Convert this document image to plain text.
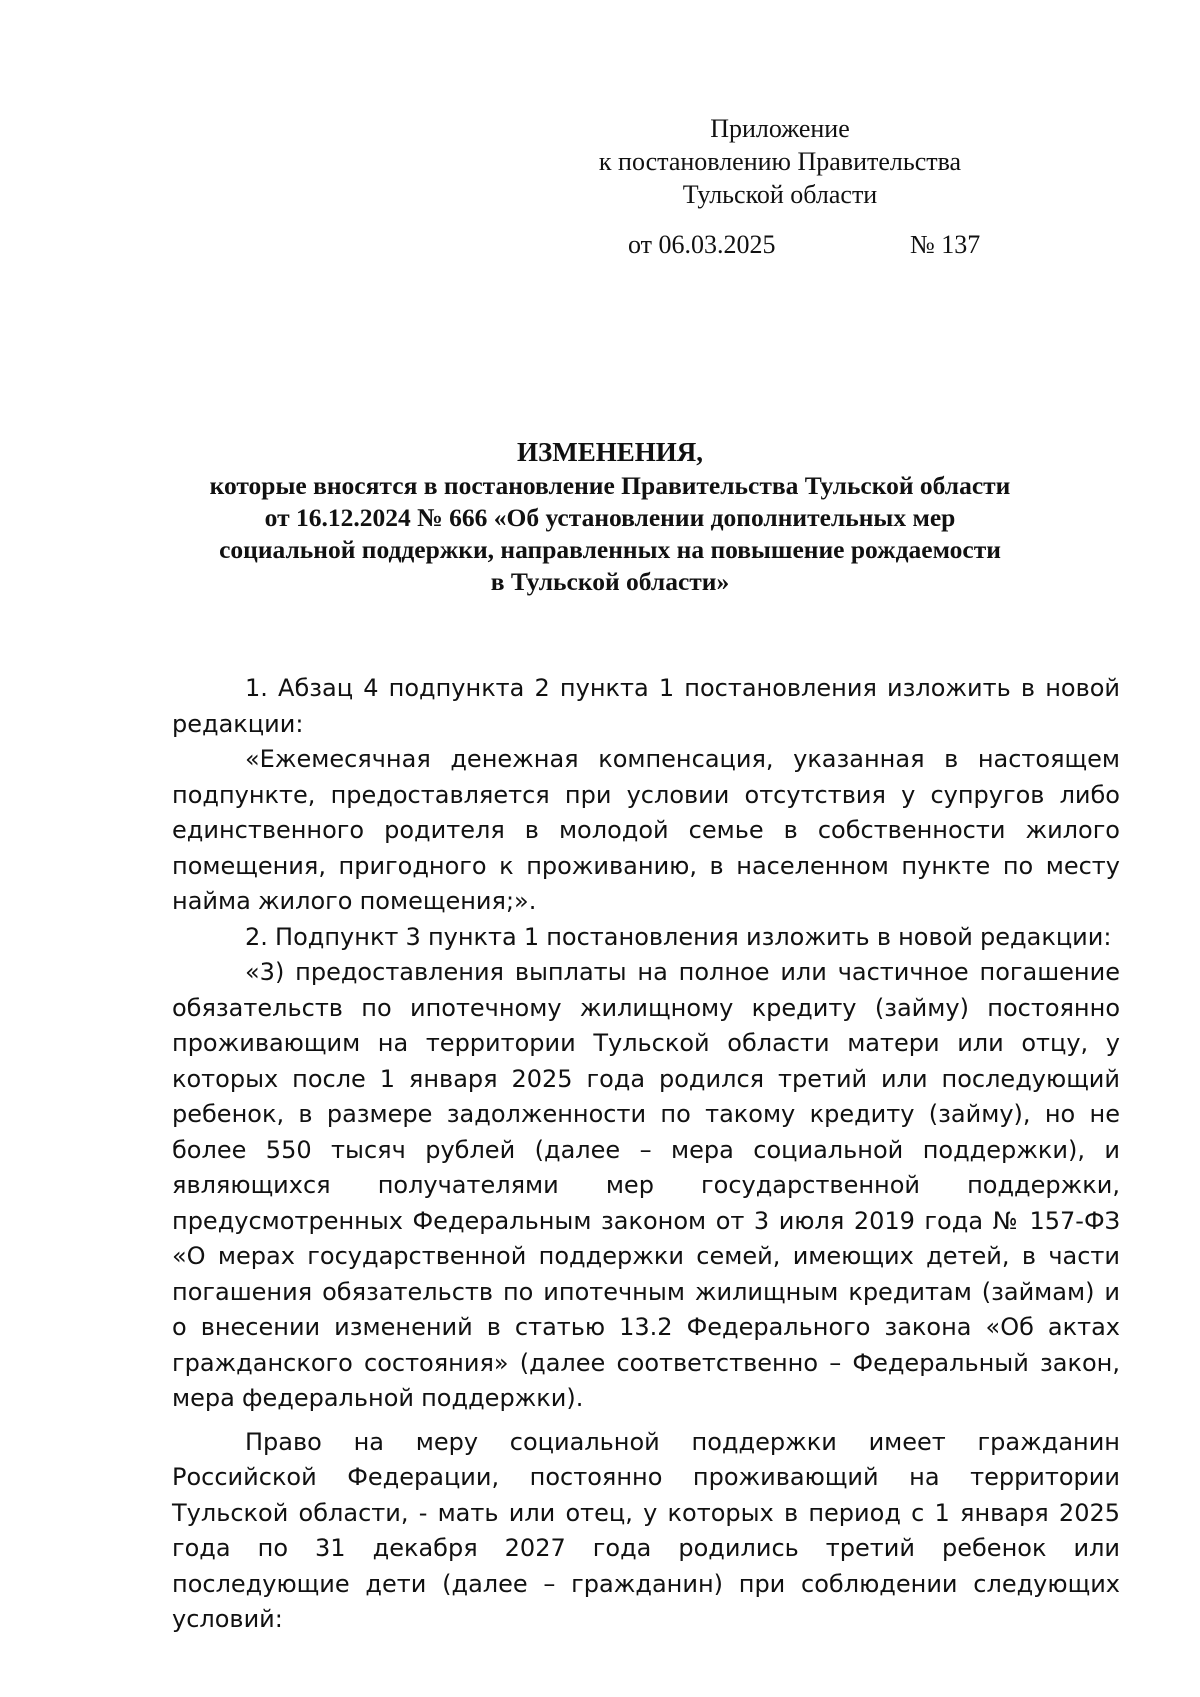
Приложение
к постановлению Правительства
Тульской области
от 06.03.2025	№ 137
ИЗМЕНЕНИЯ,
которые вносятся в постановление Правительства Тульской области
от 16.12.2024 № 666 «Об установлении дополнительных мер
социальной поддержки, направленных на повышение рождаемости
в Тульской области»

1. Абзац 4 подпункта 2 пункта 1 постановления изложить в новой редакции:

«Ежемесячная денежная компенсация, указанная в настоящем подпункте, предоставляется при условии отсутствия у супругов либо единственного родителя в молодой семье в собственности жилого помещения, пригодного к проживанию, в населенном пункте по месту найма жилого помещения;».

2. Подпункт 3 пункта 1 постановления изложить в новой редакции:

«3) предоставления выплаты на полное или частичное погашение обязательств по ипотечному жилищному кредиту (займу) постоянно проживающим на территории Тульской области матери или отцу, у которых после 1 января 2025 года родился третий или последующий ребенок, в размере задолженности по такому кредиту (займу), но не более 550 тысяч рублей (далее – мера социальной поддержки), и являющихся получателями мер государственной поддержки, предусмотренных Федеральным законом от 3 июля 2019 года № 157-ФЗ «О мерах государственной поддержки семей, имеющих детей, в части погашения обязательств по ипотечным жилищным кредитам (займам) и о внесении изменений в статью 13.2 Федерального закона «Об актах гражданского состояния» (далее соответственно – Федеральный закон, мера федеральной поддержки).

Право на меру социальной поддержки имеет гражданин Российской Федерации, постоянно проживающий на территории Тульской области, - мать или отец, у которых в период с 1 января 2025 года по 31 декабря 2027 года родились третий ребенок или последующие дети (далее – гражданин) при соблюдении следующих условий:
